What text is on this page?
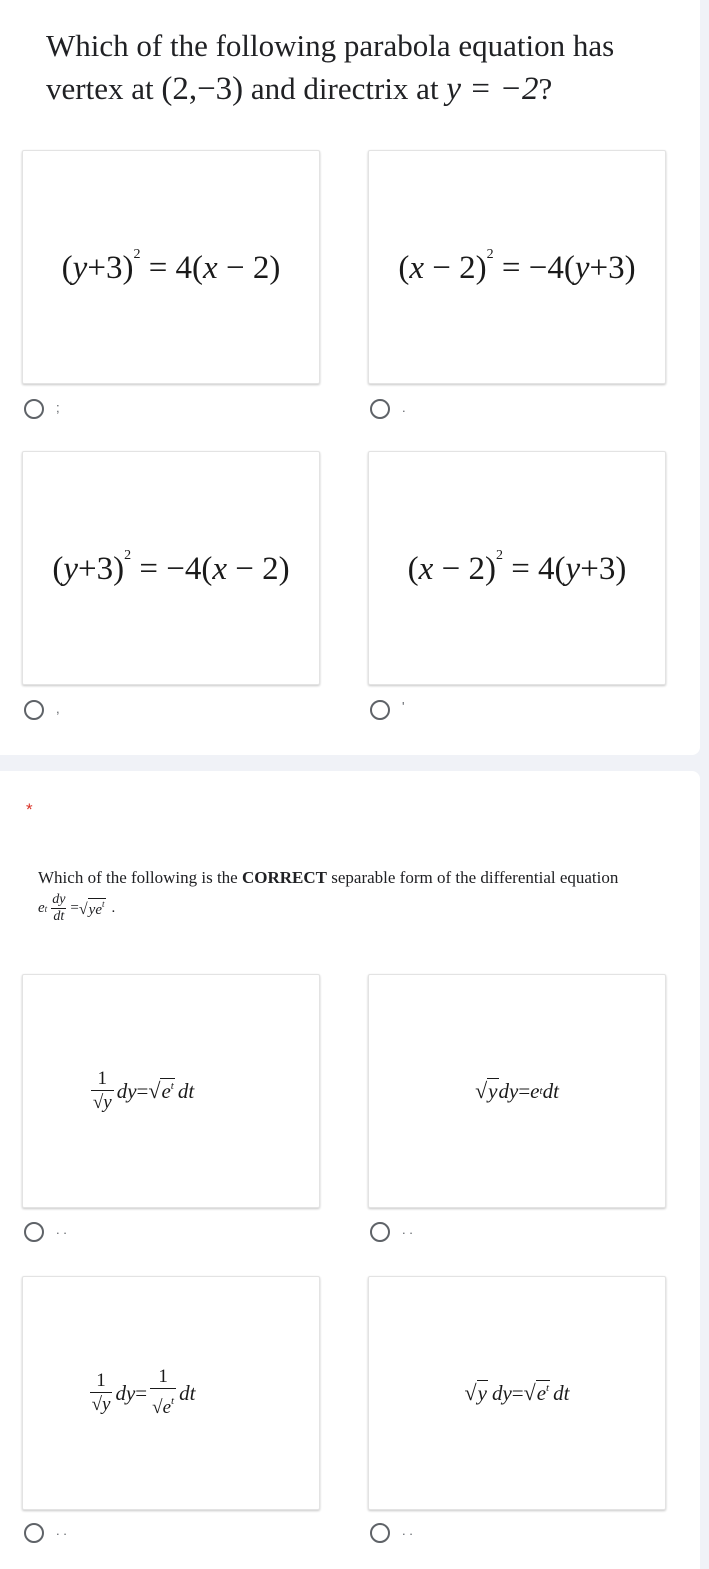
Which of the following parabola equation has vertex at (2,−3) and directrix at y = −2?
$(y+3)^2 = 4(x - 2)$
;
$(x - 2)^2 = -4(y+3)$
.
$(y+3)^2 = -4(x - 2)$
,
$(x - 2)^2 = 4(y+3)$
'
*
Which of the following is the CORRECT separable form of the differential equation
e t $\frac{dy}{dt}$ = √ $ye^t$ .
$\frac{1}{√y}$ dy = √ $e^t$ dt
. .
√ y dy = e t dt
. .
$\frac{1}{√y}$ dy = $\frac{1}{√e^t}$ dt
. .
√ y dy = √ $e^t$ dt
. .
